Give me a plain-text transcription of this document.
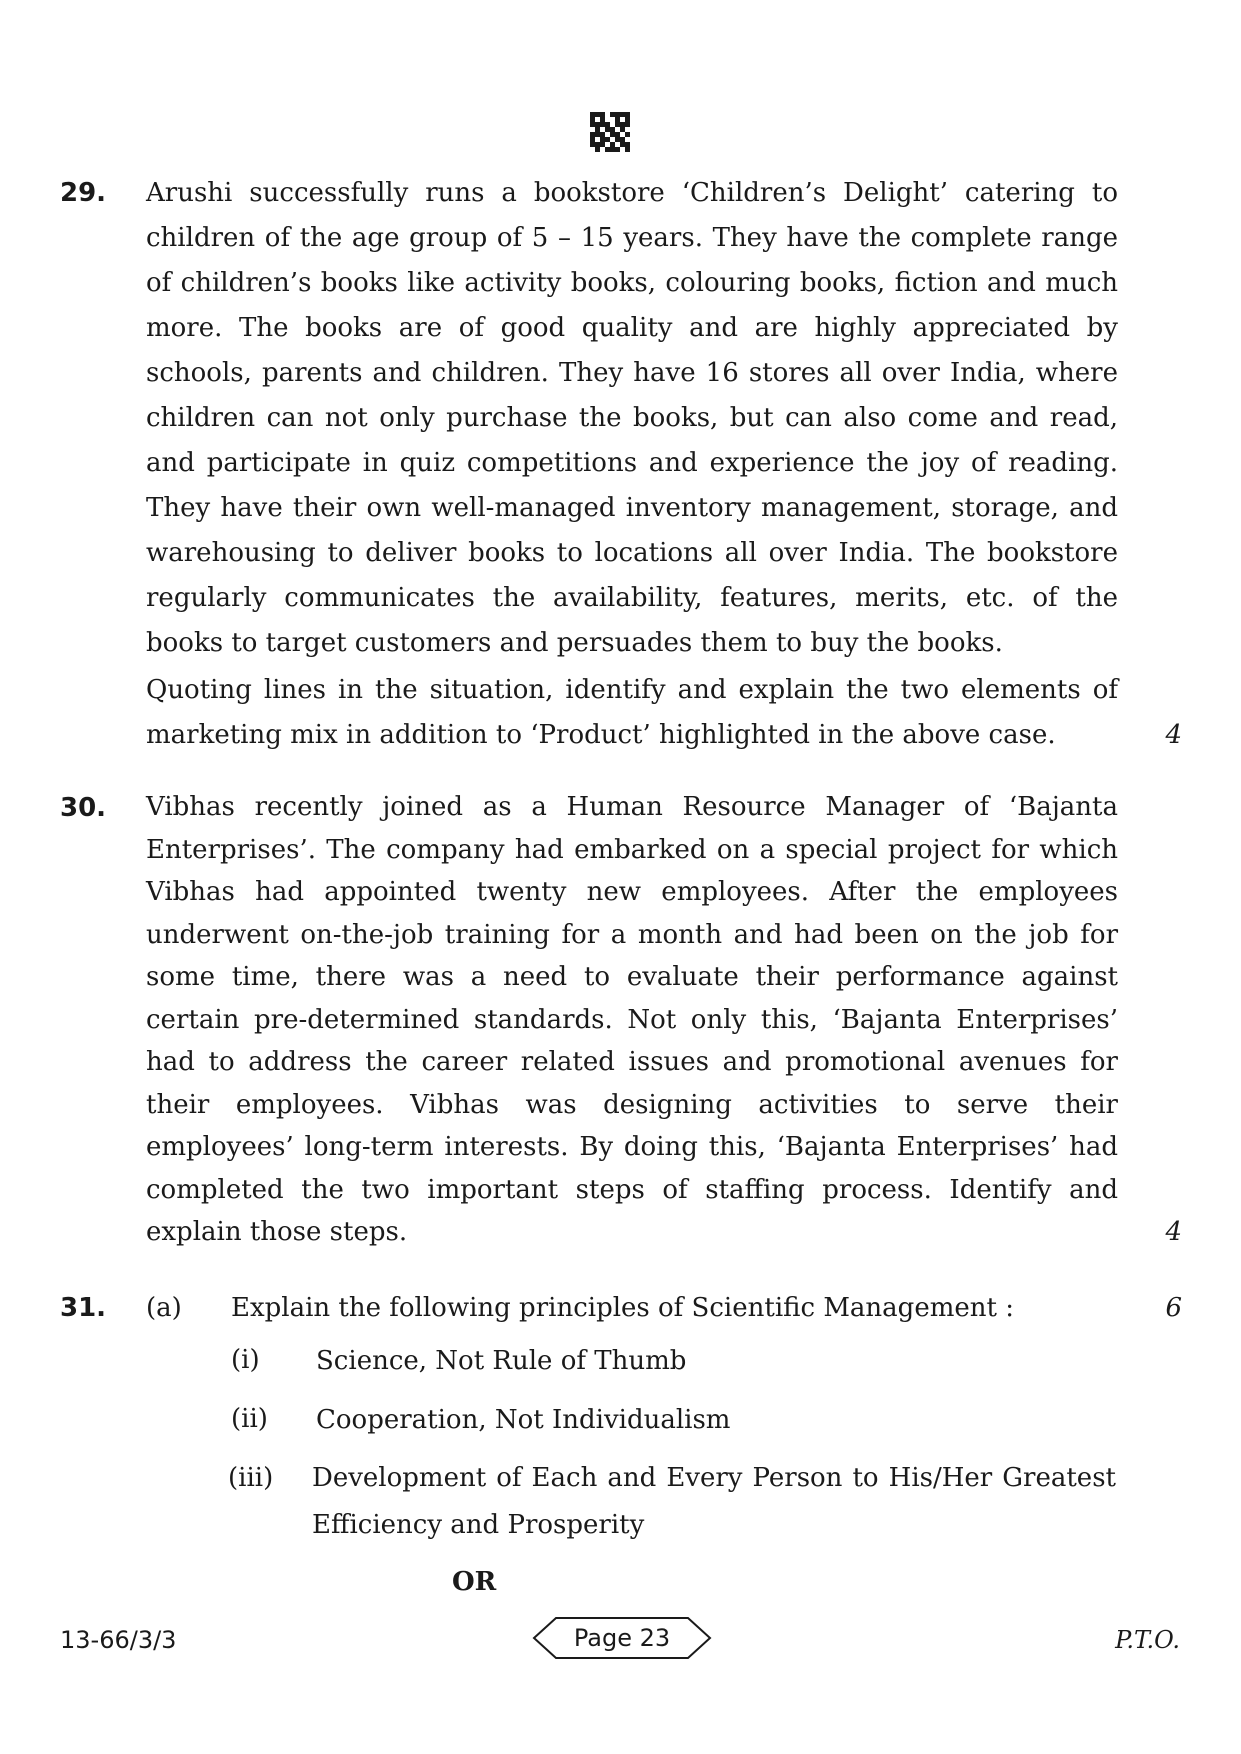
29. Arushi successfully runs a bookstore ‘Children’s Delight’ catering to children of the age group of 5 – 15 years. They have the complete range of children’s books like activity books, colouring books, fiction and much more. The books are of good quality and are highly appreciated by schools, parents and children. They have 16 stores all over India, where children can not only purchase the books, but can also come and read, and participate in quiz competitions and experience the joy of reading. They have their own well-managed inventory management, storage, and warehousing to deliver books to locations all over India. The bookstore regularly communicates the availability, features, merits, etc. of the books to target customers and persuades them to buy the books.
Quoting lines in the situation, identify and explain the two elements of marketing mix in addition to ‘Product’ highlighted in the above case.	4
30. Vibhas recently joined as a Human Resource Manager of ‘Bajanta Enterprises’. The company had embarked on a special project for which Vibhas had appointed twenty new employees. After the employees underwent on-the-job training for a month and had been on the job for some time, there was a need to evaluate their performance against certain pre-determined standards. Not only this, ‘Bajanta Enterprises’ had to address the career related issues and promotional avenues for their employees. Vibhas was designing activities to serve their employees’ long-term interests. By doing this, ‘Bajanta Enterprises’ had completed the two important steps of staffing process. Identify and explain those steps.	4
31. (a) Explain the following principles of Scientific Management :	6
(i) Science, Not Rule of Thumb
(ii) Cooperation, Not Individualism
(iii) Development of Each and Every Person to His/Her Greatest Efficiency and Prosperity
OR
13-66/3/3	Page 23	P.T.O.
